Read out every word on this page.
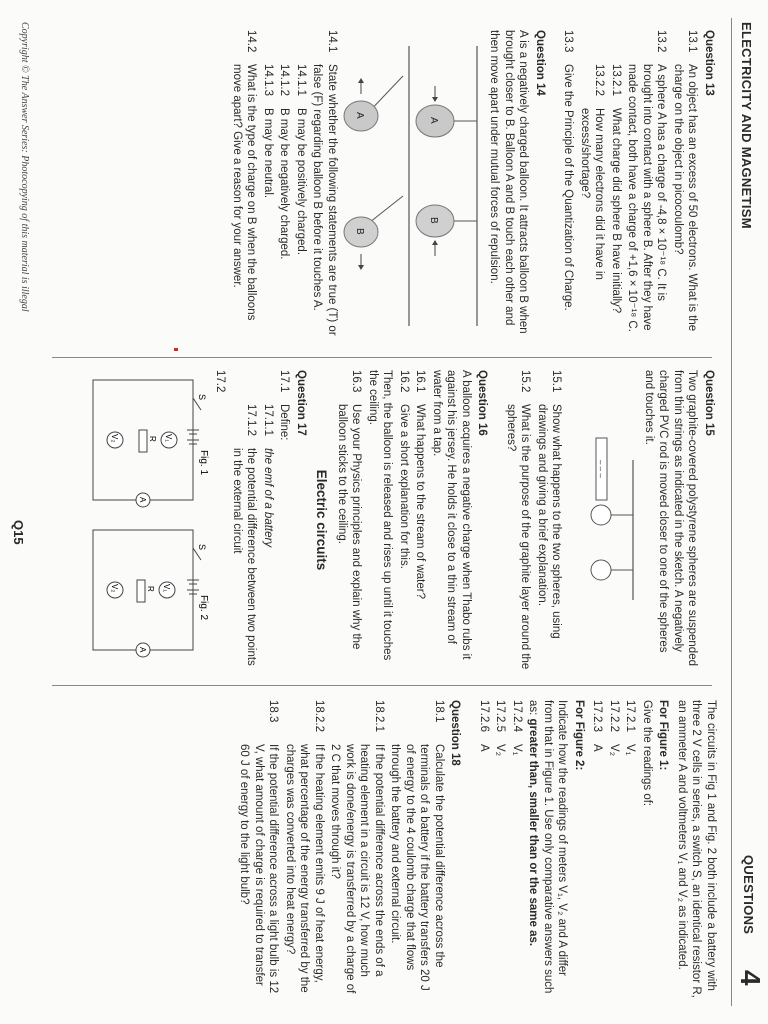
ELECTRICITY AND MAGNETISM
QUESTIONS
4
Question 13
13.1
An object has an excess of 50 electrons. What is the charge on the object in picocoulomb?
13.2
A sphere A has a charge of -4,8 × 10⁻¹⁸ C. It is brought into contact with a sphere B. After they have made contact, both have a charge of +1,6 × 10⁻¹⁸ C.
13.2.1
What charge did sphere B have initially?
13.2.2
How many electrons did it have in excess/shortage?
13.3
Give the Principle of the Quantization of Charge.
Question 14
A is a negatively charged balloon. It attracts balloon B when brought closer to B. Balloon A and B touch each other and then move apart under mutual forces of repulsion.
A
B
A
B
14.1
State whether the following statements are true (T) or false (F) regarding balloon B before it touches A.
14.1.1
B may be positively charged.
14.1.2
B may be negatively charged.
14.1.3
B may be neutral.
14.2
What is the type of charge on B when the balloons move apart? Give a reason for your answer.
Question 15
Two graphite-covered polystyrene spheres are suspended from thin strings as indicated in the sketch. A negatively charged PVC rod is moved closer to one of the spheres and touches it.
– – –
15.1
Show what happens to the two spheres, using drawings and giving a brief explanation.
15.2
What is the purpose of the graphite layer around the spheres?
Question 16
A balloon acquires a negative charge when Thabo rubs it against his jersey. He holds it close to a thin stream of water from a tap.
16.1
What happens to the stream of water?
16.2
Give a short explanation for this.
Then, the balloon is released and rises up until it touches the ceiling.
16.3
Use your Physics principles and explain why the balloon sticks to the ceiling.
Electric circuits
Question 17
17.1
Define:
17.1.1
the emf of a battery
17.1.2
the potential difference between two points in the external circuit
17.2
Fig. 1
Fig. 2
S
V₁
R
V₂
A
S
V₁
R
V₂
A
The circuits in Fig 1 and Fig. 2 both include a battery with three 2 V cells in series, a switch S, an identical resistor R, an ammeter A and voltmeters V₁ and V₂ as indicated.
For Figure 1:
Give the readings of:
17.2.1
V₁
17.2.2
V₂
17.2.3
A
For Figure 2:
Indicate how the readings of meters V₁, V₂ and A differ from that in Figure 1. Use only comparative answers such as: greater than, smaller than or the same as.
17.2.4
V₁
17.2.5
V₂
17.2.6
A
Question 18
18.1
Calculate the potential difference across the terminals of a battery if the battery transfers 20 J of energy to the 4 coulomb charge that flows through the battery and external circuit.
18.2.1
If the potential difference across the ends of a heating element in a circuit is 12 V, how much work is done/energy is transferred by a charge of 2 C that moves through it?
18.2.2
If the heating element emits 9 J of heat energy, what percentage of the energy transferred by the charges was converted into heat energy?
18.3
If the potential difference across a light bulb is 12 V, what amount of charge is required to transfer 60 J of energy to the light bulb?
Copyright © The Answer Series: Photocopying of this material is illegal
Q15
